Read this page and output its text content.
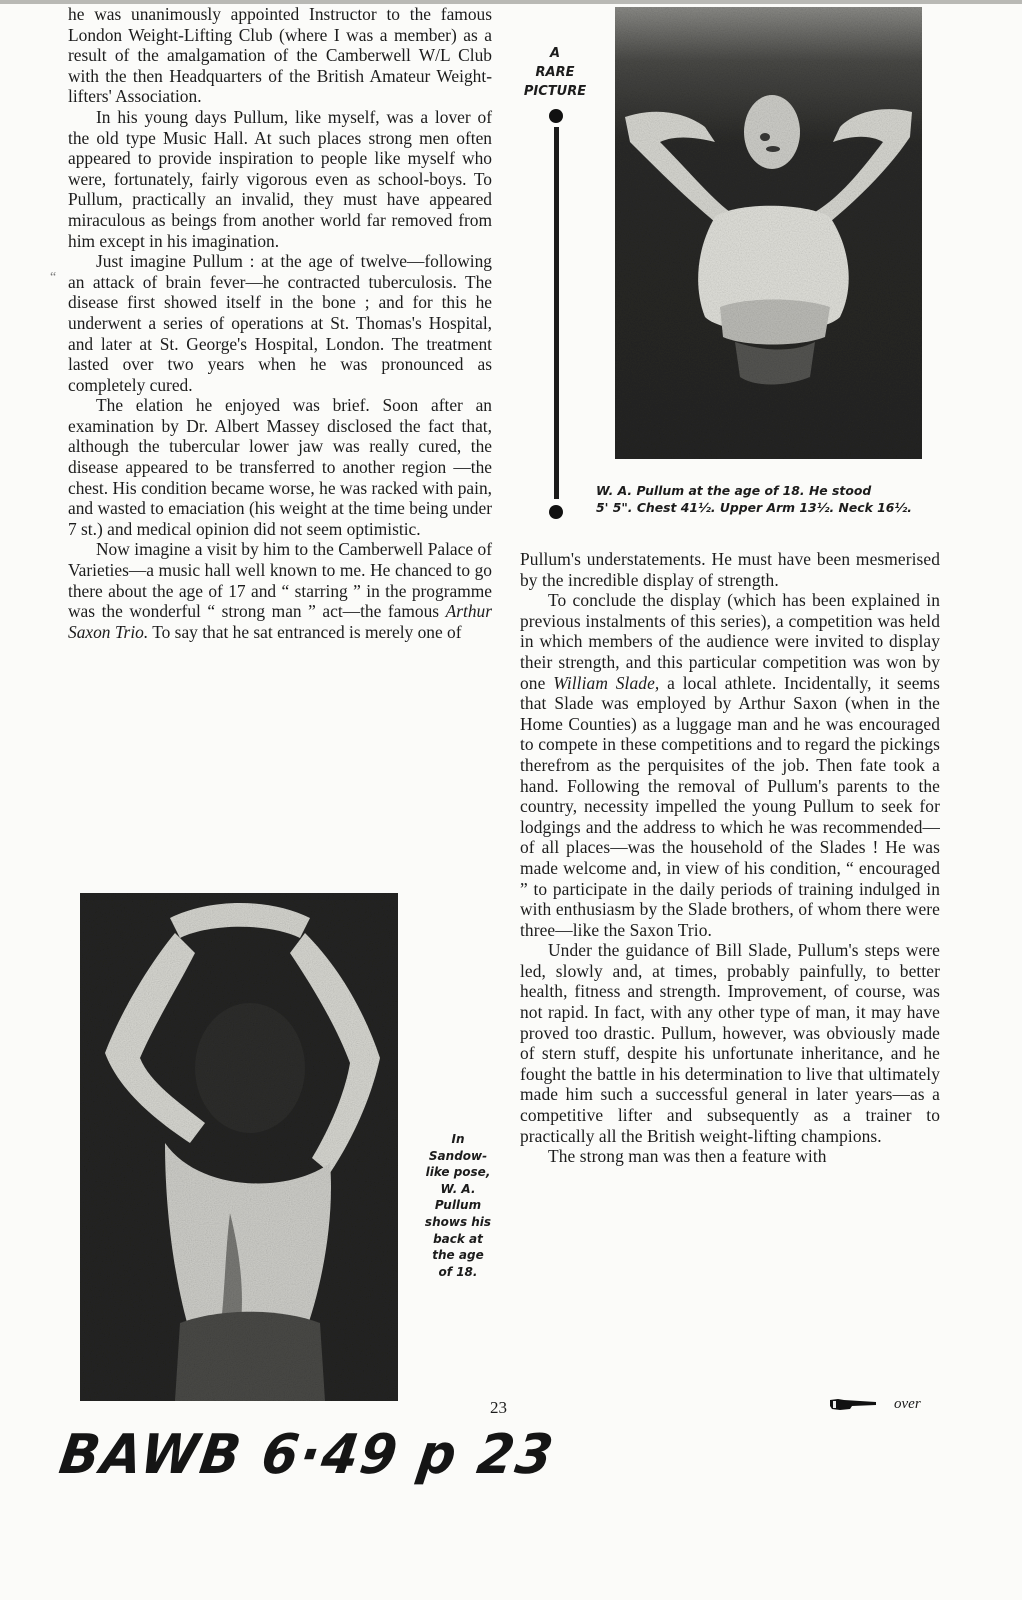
he was unanimously appointed Instructor to the famous London Weight-Lifting Club (where I was a member) as a result of the amalgamation of the Camberwell W/L Club with the then Headquarters of the British Amateur Weight-lifters' Association.

In his young days Pullum, like myself, was a lover of the old type Music Hall. At such places strong men often appeared to provide inspiration to people like myself who were, fortunately, fairly vigorous even as school-boys. To Pullum, practically an invalid, they must have appeared miraculous as beings from another world far removed from him except in his imagination.

Just imagine Pullum : at the age of twelve—following an attack of brain fever—he contracted tuberculosis. The disease first showed itself in the bone ; and for this he underwent a series of operations at St. Thomas's Hospital, and later at St. George's Hospital, London. The treatment lasted over two years when he was pronounced as completely cured.

The elation he enjoyed was brief. Soon after an examination by Dr. Albert Massey disclosed the fact that, although the tubercular lower jaw was really cured, the disease appeared to be transferred to another region —the chest. His condition became worse, he was racked with pain, and wasted to emaciation (his weight at the time being under 7 st.) and medical opinion did not seem optimistic.

Now imagine a visit by him to the Camberwell Palace of Varieties—a music hall well known to me. He chanced to go there about the age of 17 and “ starring ” in the programme was the wonderful “ strong man ” act—the famous Arthur Saxon Trio. To say that he sat entranced is merely one of

A
RARE
PICTURE
W. A. Pullum at the age of 18. He stood
5' 5". Chest 41½. Upper Arm 13½. Neck 16½.

Pullum's understatements. He must have been mesmerised by the incredible display of strength.

To conclude the display (which has been explained in previous instalments of this series), a competition was held in which members of the audience were invited to display their strength, and this particular competition was won by one William Slade, a local athlete. Incidentally, it seems that Slade was employed by Arthur Saxon (when in the Home Counties) as a luggage man and he was encouraged to compete in these competitions and to regard the pickings therefrom as the perquisites of the job. Then fate took a hand. Following the removal of Pullum's parents to the country, necessity impelled the young Pullum to seek for lodgings and the address to which he was recommended—of all places—was the household of the Slades ! He was made welcome and, in view of his condition, “ encouraged ” to participate in the daily periods of training indulged in with enthusiasm by the Slade brothers, of whom there were three—like the Saxon Trio.

Under the guidance of Bill Slade, Pullum's steps were led, slowly and, at times, probably painfully, to better health, fitness and strength. Improvement, of course, was not rapid. In fact, with any other type of man, it may have proved too drastic. Pullum, however, was obviously made of stern stuff, despite his unfortunate inheritance, and he fought the battle in his determination to live that ultimately made him such a successful general in later years—as a competitive lifter and subsequently as a trainer to practically all the British weight-lifting champions.

The strong man was then a feature with

In
Sandow-
like pose,
W. A.
Pullum
shows his
back at
the age
of 18.
23	over
BAWB 6·49 p 23
“
